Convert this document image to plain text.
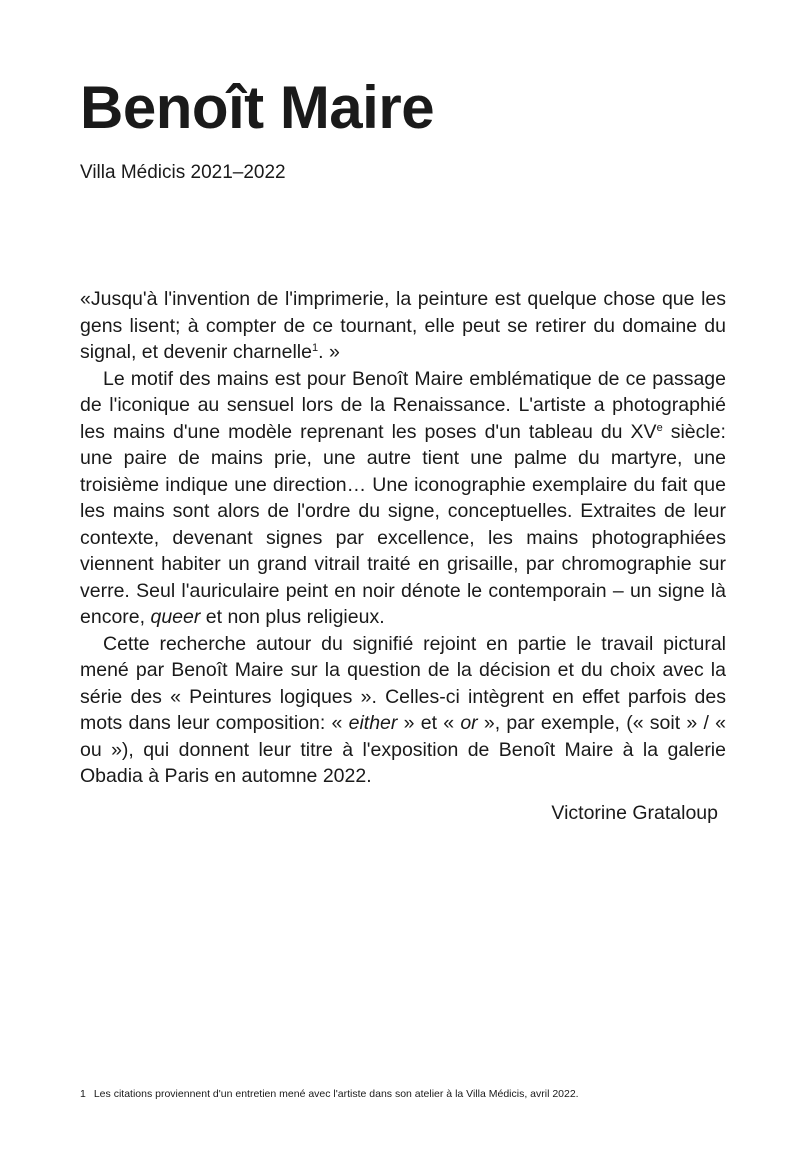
Benoît Maire
Villa Médicis 2021–2022

«Jusqu'à l'invention de l'imprimerie, la peinture est quelque chose que les gens lisent; à compter de ce tournant, elle peut se retirer du domaine du signal, et devenir charnelle$^1$. »

Le motif des mains est pour Benoît Maire emblématique de ce passage de l'iconique au sensuel lors de la Renaissance. L'artiste a photographié les mains d'une modèle reprenant les poses d'un tableau du XVe siècle: une paire de mains prie, une autre tient une palme du martyre, une troisième indique une direction… Une iconographie exemplaire du fait que les mains sont alors de l'ordre du signe, conceptuelles. Extraites de leur contexte, devenant signes par excellence, les mains photographiées viennent habiter un grand vitrail traité en grisaille, par chromographie sur verre. Seul l'auriculaire peint en noir dénote le contemporain – un signe là encore, queer et non plus religieux.

Cette recherche autour du signifié rejoint en partie le travail pictural mené par Benoît Maire sur la question de la décision et du choix avec la série des « Peintures logiques ». Celles-ci intègrent en effet parfois des mots dans leur composition: « either » et « or », par exemple, (« soit » / « ou »), qui donnent leur titre à l'exposition de Benoît Maire à la galerie Obadia à Paris en automne 2022.

Victorine Grataloup
1 Les citations proviennent d'un entretien mené avec l'artiste dans son atelier à la Villa Médicis, avril 2022.
